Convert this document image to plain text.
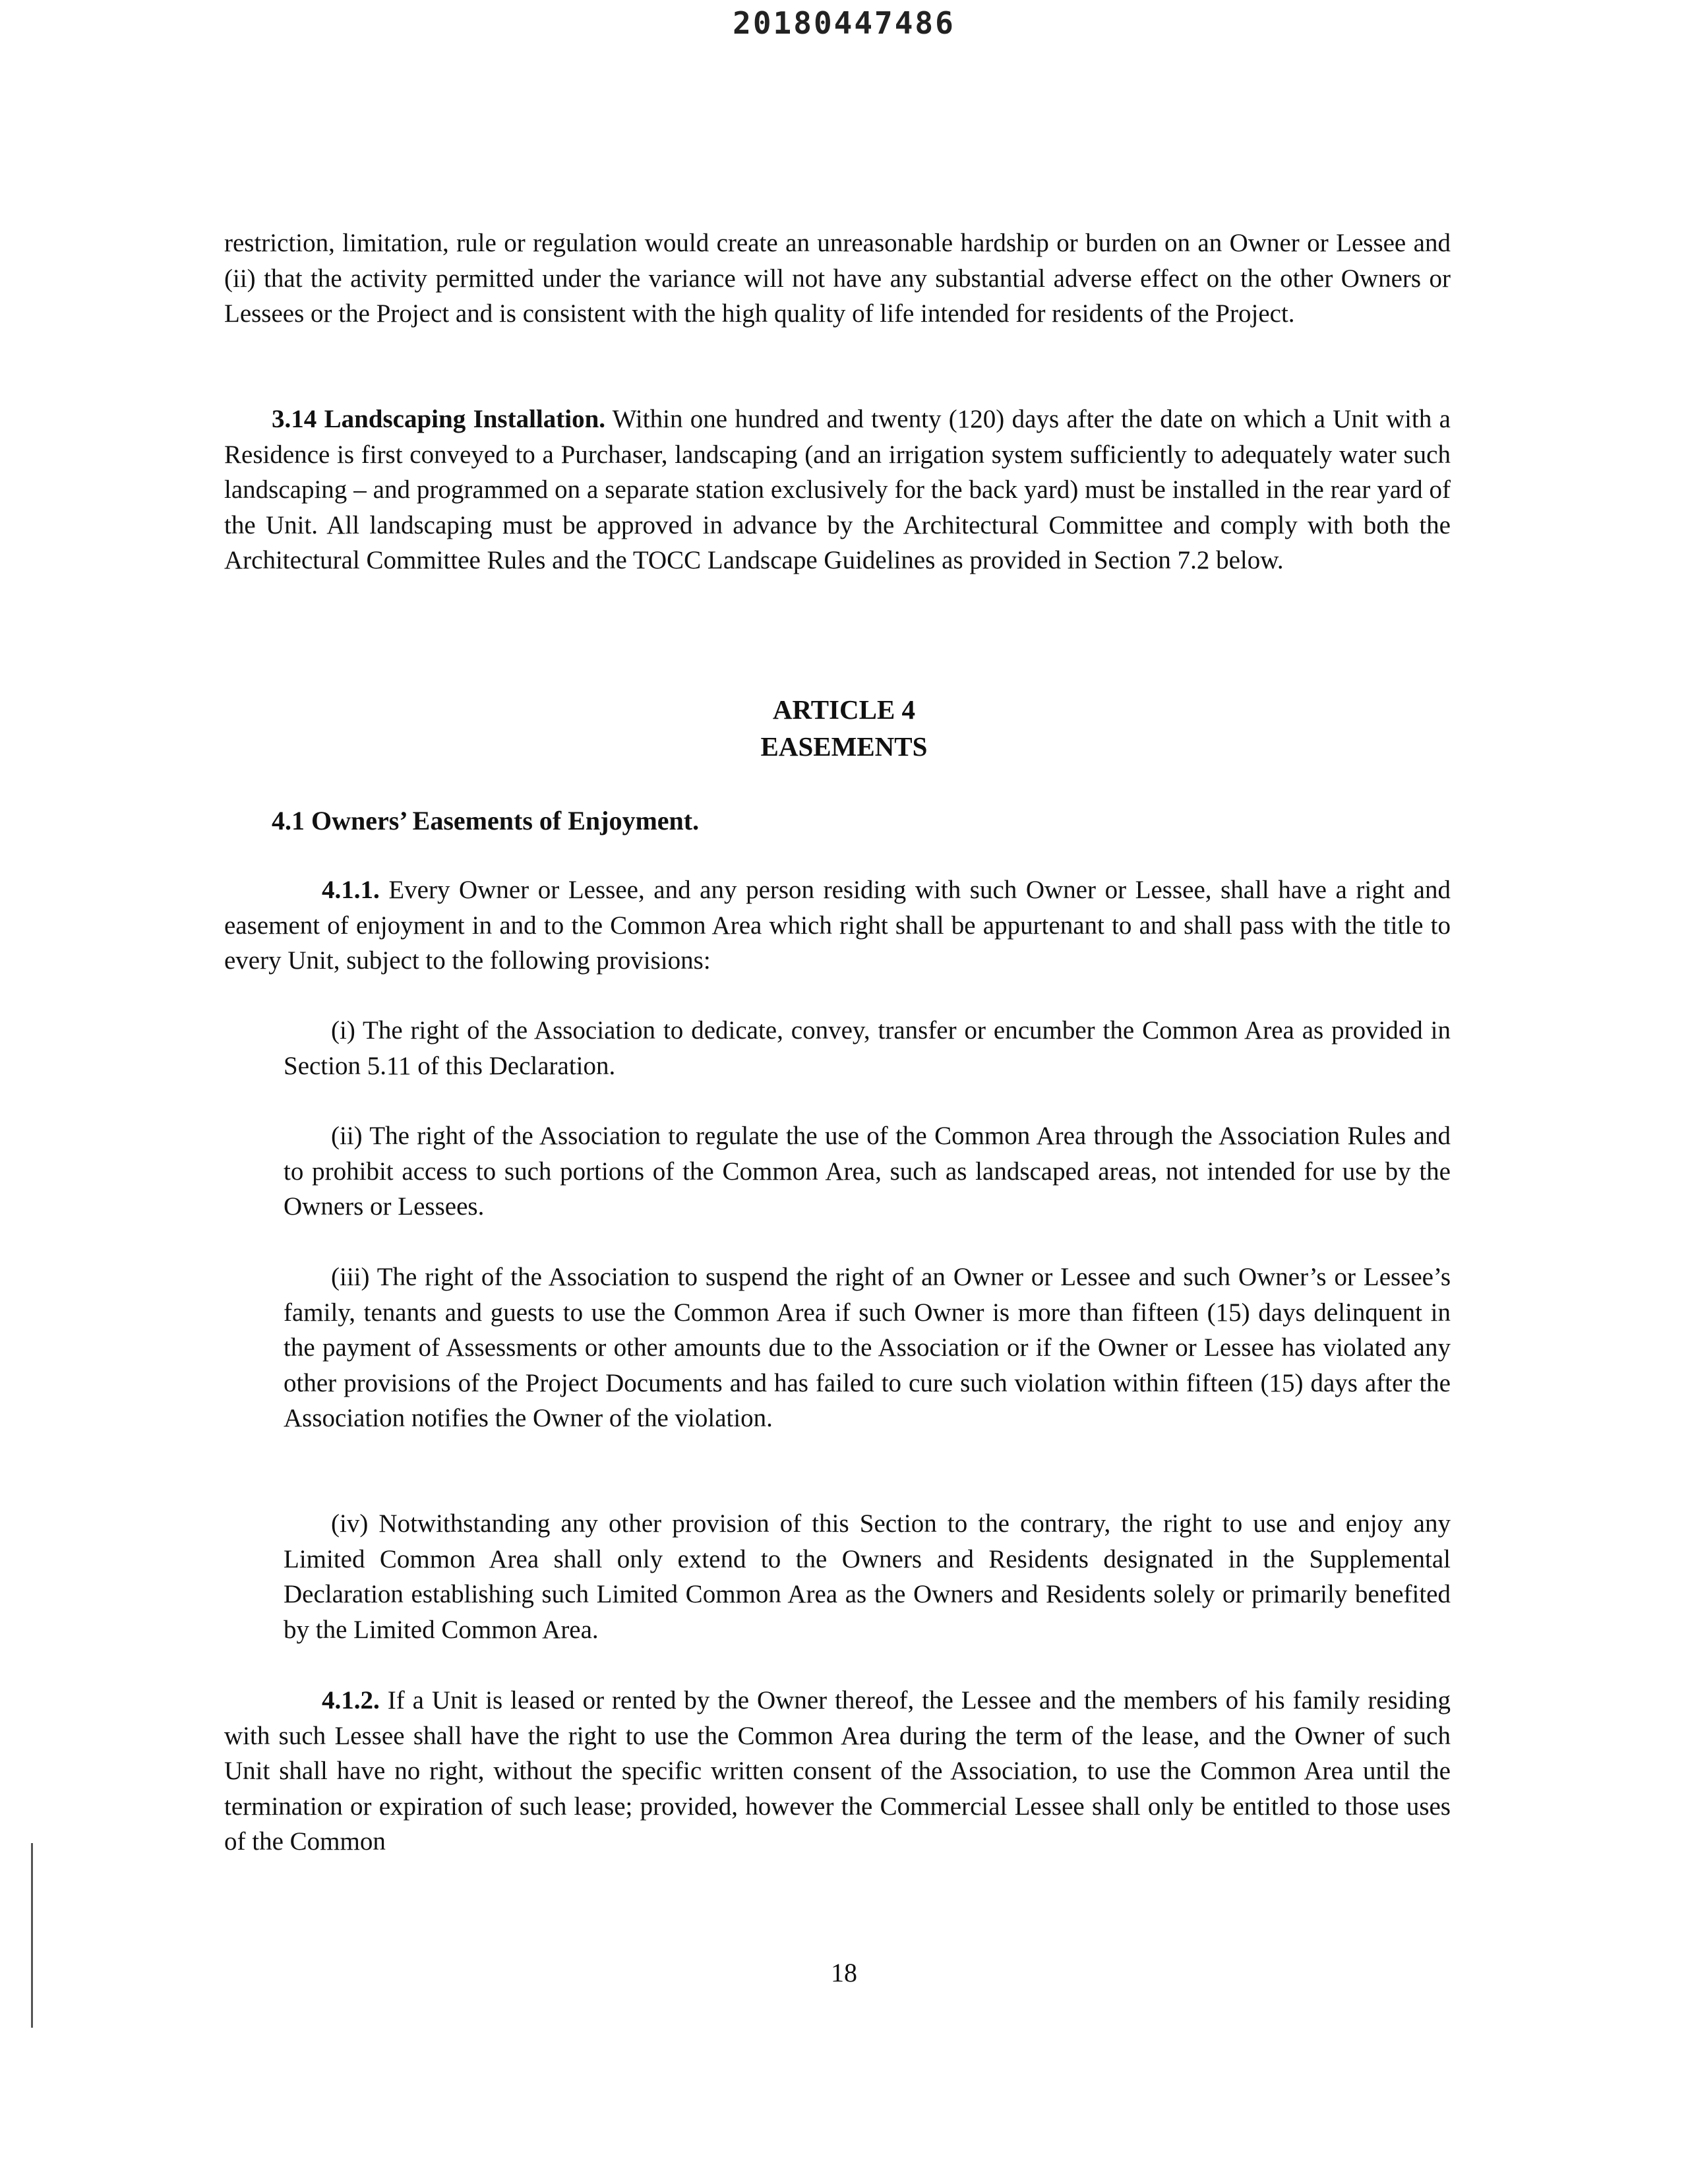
20180447486
restriction, limitation, rule or regulation would create an unreasonable hardship or burden on an Owner or Lessee and (ii) that the activity permitted under the variance will not have any substantial adverse effect on the other Owners or Lessees or the Project and is consistent with the high quality of life intended for residents of the Project.
3.14 Landscaping Installation. Within one hundred and twenty (120) days after the date on which a Unit with a Residence is first conveyed to a Purchaser, landscaping (and an irrigation system sufficiently to adequately water such landscaping – and programmed on a separate station exclusively for the back yard) must be installed in the rear yard of the Unit. All landscaping must be approved in advance by the Architectural Committee and comply with both the Architectural Committee Rules and the TOCC Landscape Guidelines as provided in Section 7.2 below.
ARTICLE 4
EASEMENTS
4.1 Owners’ Easements of Enjoyment.
4.1.1. Every Owner or Lessee, and any person residing with such Owner or Lessee, shall have a right and easement of enjoyment in and to the Common Area which right shall be appurtenant to and shall pass with the title to every Unit, subject to the following provisions:
(i) The right of the Association to dedicate, convey, transfer or encumber the Common Area as provided in Section 5.11 of this Declaration.
(ii) The right of the Association to regulate the use of the Common Area through the Association Rules and to prohibit access to such portions of the Common Area, such as landscaped areas, not intended for use by the Owners or Lessees.
(iii) The right of the Association to suspend the right of an Owner or Lessee and such Owner’s or Lessee’s family, tenants and guests to use the Common Area if such Owner is more than fifteen (15) days delinquent in the payment of Assessments or other amounts due to the Association or if the Owner or Lessee has violated any other provisions of the Project Documents and has failed to cure such violation within fifteen (15) days after the Association notifies the Owner of the violation.
(iv) Notwithstanding any other provision of this Section to the contrary, the right to use and enjoy any Limited Common Area shall only extend to the Owners and Residents designated in the Supplemental Declaration establishing such Limited Common Area as the Owners and Residents solely or primarily benefited by the Limited Common Area.
4.1.2. If a Unit is leased or rented by the Owner thereof, the Lessee and the members of his family residing with such Lessee shall have the right to use the Common Area during the term of the lease, and the Owner of such Unit shall have no right, without the specific written consent of the Association, to use the Common Area until the termination or expiration of such lease; provided, however the Commercial Lessee shall only be entitled to those uses of the Common
18
